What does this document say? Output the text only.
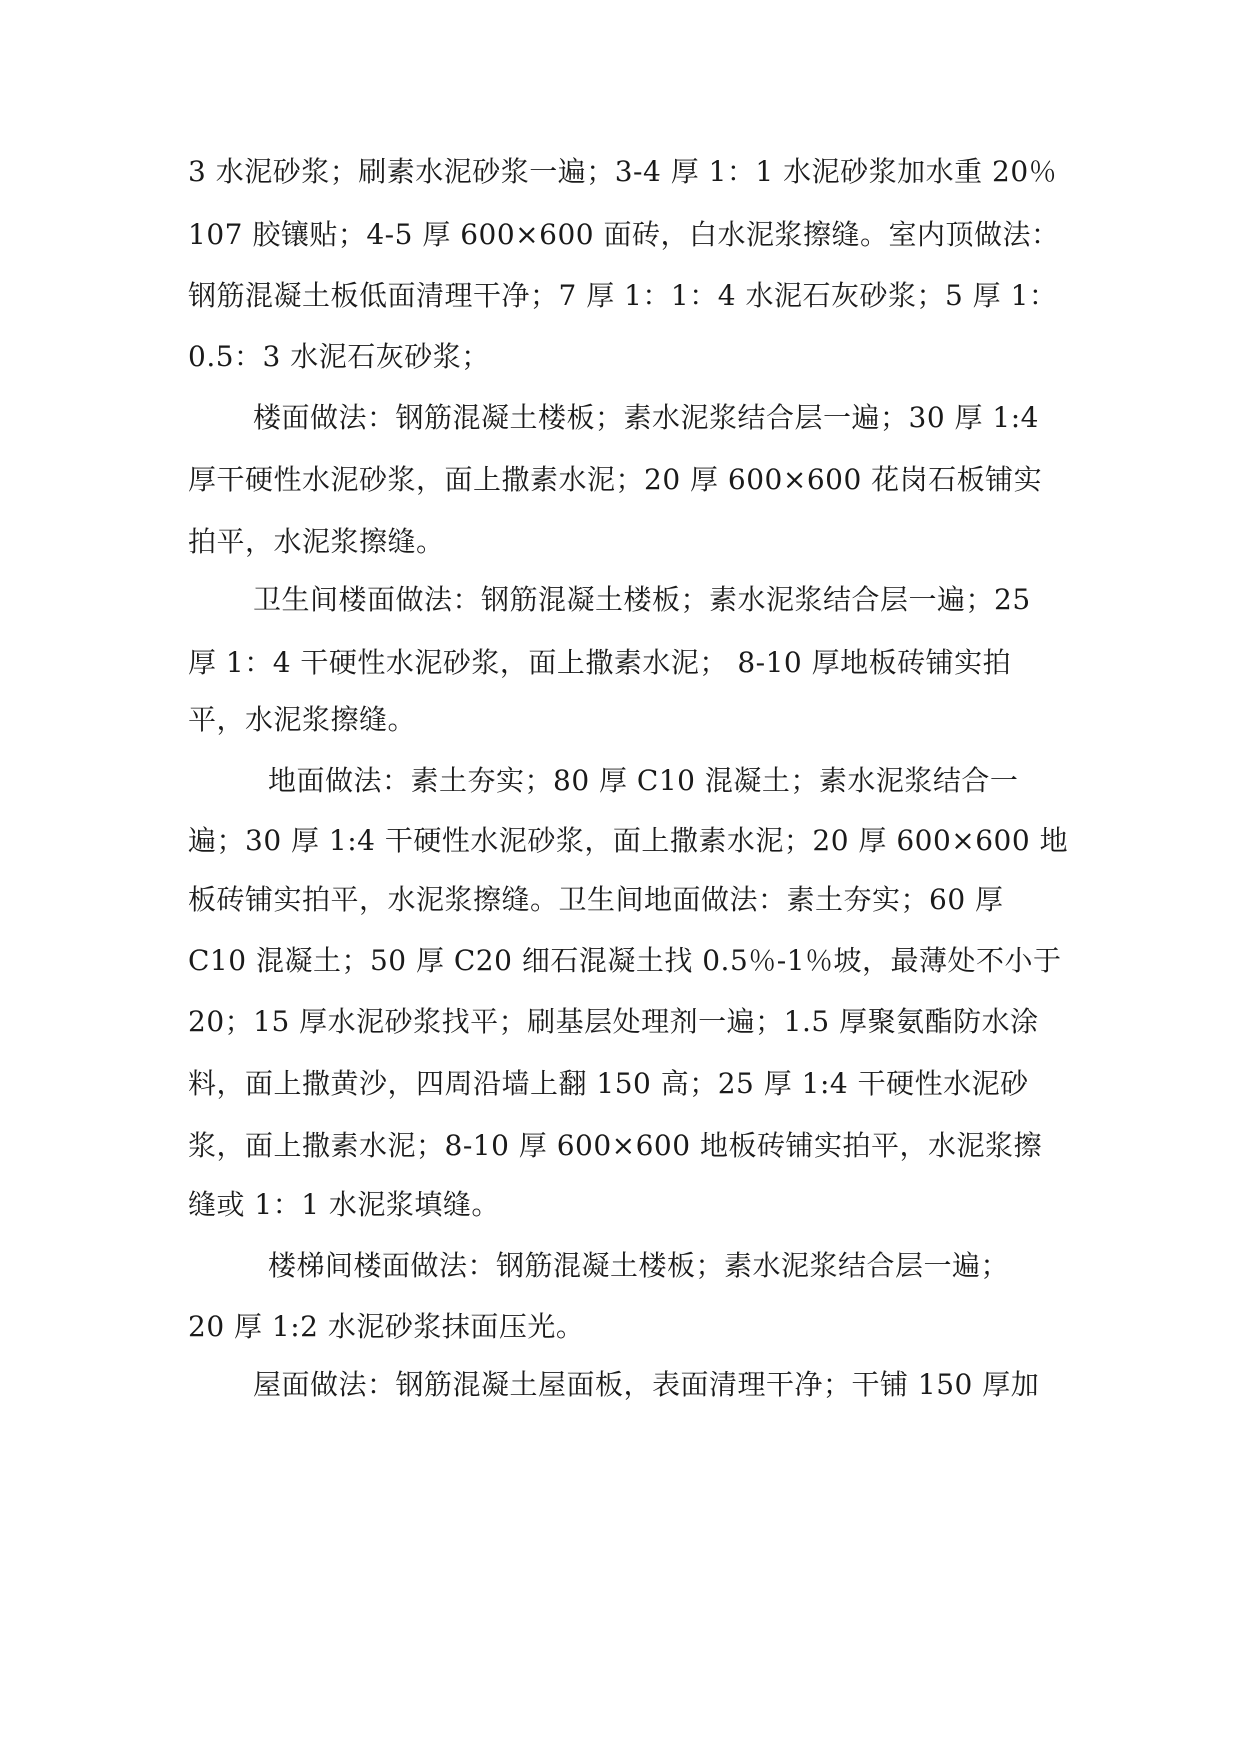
3 水泥砂浆；刷素水泥砂浆一遍；3-4 厚 1：1 水泥砂浆加水重 20％
107 胶镶贴；4-5 厚 600×600 面砖，白水泥浆擦缝。室内顶做法：
钢筋混凝土板低面清理干净；7 厚 1：1：4 水泥石灰砂浆；5 厚 1：
0.5：3 水泥石灰砂浆；
楼面做法：钢筋混凝土楼板；素水泥浆结合层一遍；30 厚 1:4
厚干硬性水泥砂浆，面上撒素水泥；20 厚 600×600 花岗石板铺实
拍平，水泥浆擦缝。
卫生间楼面做法：钢筋混凝土楼板；素水泥浆结合层一遍；25
厚 1：4 干硬性水泥砂浆，面上撒素水泥； 8-10 厚地板砖铺实拍
平，水泥浆擦缝。
地面做法：素土夯实；80 厚 C10 混凝土；素水泥浆结合一
遍；30 厚 1:4 干硬性水泥砂浆，面上撒素水泥；20 厚 600×600 地
板砖铺实拍平，水泥浆擦缝。卫生间地面做法：素土夯实；60 厚
C10 混凝土；50 厚 C20 细石混凝土找 0.5％-1％坡，最薄处不小于
20；15 厚水泥砂浆找平；刷基层处理剂一遍；1.5 厚聚氨酯防水涂
料，面上撒黄沙，四周沿墙上翻 150 高；25 厚 1:4 干硬性水泥砂
浆，面上撒素水泥；8-10 厚 600×600 地板砖铺实拍平，水泥浆擦
缝或 1：1 水泥浆填缝。
楼梯间楼面做法：钢筋混凝土楼板；素水泥浆结合层一遍；
20 厚 1:2 水泥砂浆抹面压光。
屋面做法：钢筋混凝土屋面板，表面清理干净；干铺 150 厚加
